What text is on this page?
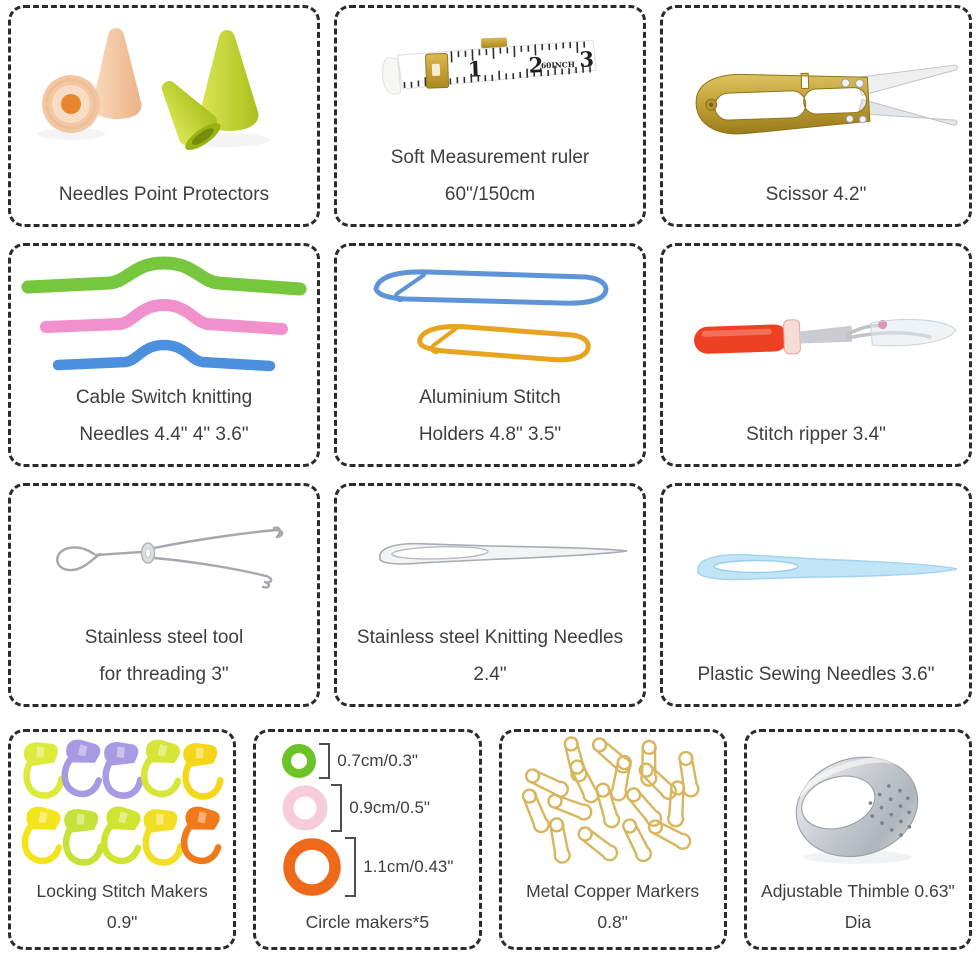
Needles Point Protectors
1 2
60INCH 3
Soft Measurement ruler
60"/150cm	Scissor 4.2"
Cable Switch knitting
Needles 4.4" 4" 3.6"
Aluminium Stitch
Holders 4.8" 3.5"	Stitch ripper 3.4"
Stainless steel tool
for threading 3"
Stainless steel Knitting Needles
2.4"	Plastic Sewing Needles 3.6"
Locking Stitch Makers
0.9"
0.7cm/0.3"
0.9cm/0.5"
1.1cm/0.43"
Circle makers*5
Metal Copper Markers
0.8"
Adjustable Thimble 0.63"
Dia
